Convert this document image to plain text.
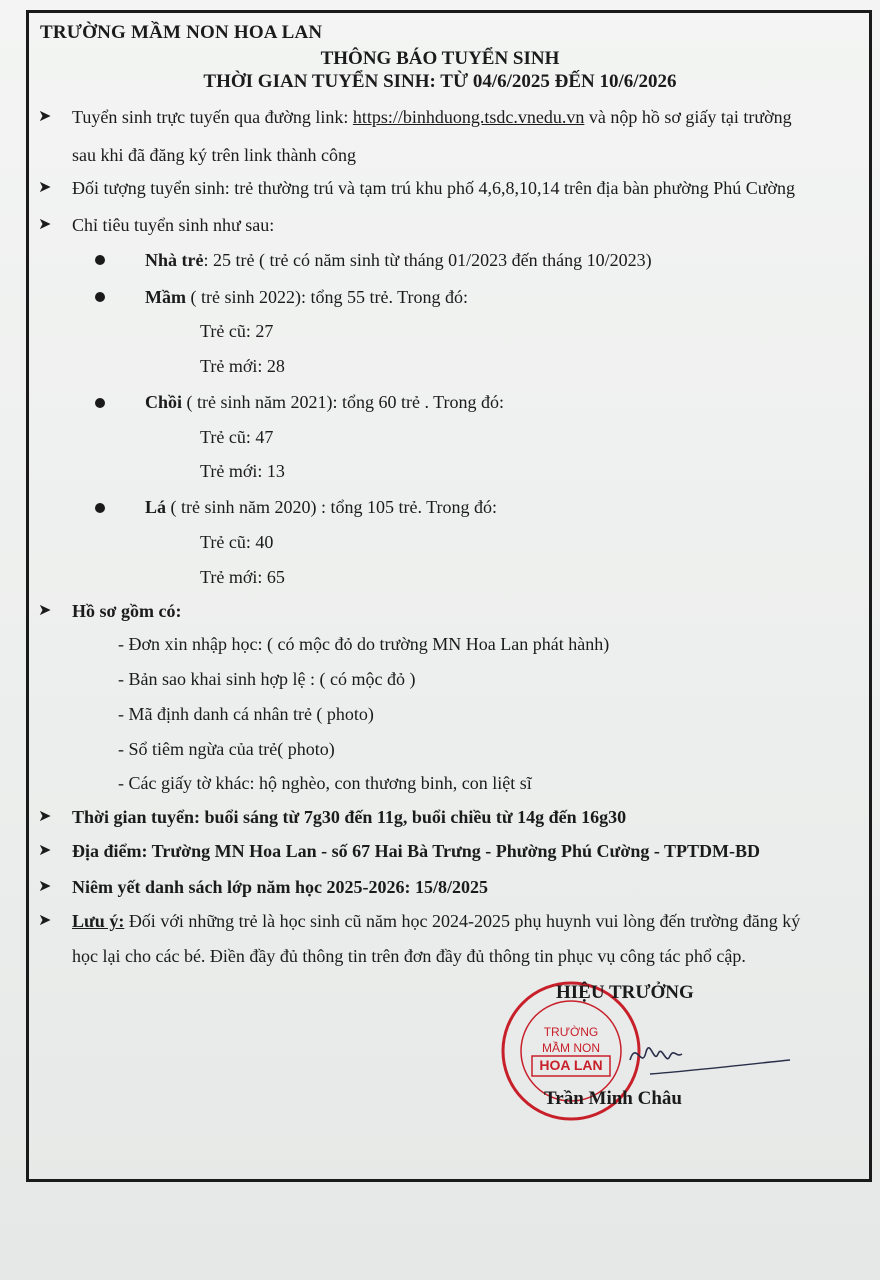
TRƯỜNG MẦM NON HOA LAN
THÔNG BÁO TUYỂN SINH
THỜI GIAN TUYỂN SINH: TỪ 04/6/2025 ĐẾN 10/6/2026
➤ Tuyển sinh trực tuyến qua đường link: https://binhduong.tsdc.vnedu.vn và nộp hồ sơ giấy tại trường
sau khi đã đăng ký trên link thành công
➤ Đối tượng tuyển sinh: trẻ thường trú và tạm trú khu phố 4,6,8,10,14 trên địa bàn phường Phú Cường
➤ Chỉ tiêu tuyển sinh như sau:
Nhà trẻ: 25 trẻ ( trẻ có năm sinh từ tháng 01/2023 đến tháng 10/2023)
Mầm ( trẻ sinh 2022): tổng 55 trẻ. Trong đó:
Trẻ cũ: 27
Trẻ mới: 28
Chồi ( trẻ sinh năm 2021): tổng 60 trẻ . Trong đó:
Trẻ cũ: 47
Trẻ mới: 13
Lá ( trẻ sinh năm 2020) : tổng 105 trẻ. Trong đó:
Trẻ cũ: 40
Trẻ mới: 65
➤ Hồ sơ gồm có:
- Đơn xin nhập học: ( có mộc đỏ do trường MN Hoa Lan phát hành)
- Bản sao khai sinh hợp lệ : ( có mộc đỏ )
- Mã định danh cá nhân trẻ ( photo)
- Sổ tiêm ngừa của trẻ( photo)
- Các giấy tờ khác: hộ nghèo, con thương binh, con liệt sĩ
➤ Thời gian tuyển: buổi sáng từ 7g30 đến 11g, buổi chiều từ 14g đến 16g30
➤ Địa điểm: Trường MN Hoa Lan - số 67 Hai Bà Trưng - Phường Phú Cường - TPTDM-BD
➤ Niêm yết danh sách lớp năm học 2025-2026: 15/8/2025
➤ Lưu ý: Đối với những trẻ là học sinh cũ năm học 2024-2025 phụ huynh vui lòng đến trường đăng ký
học lại cho các bé. Điền đầy đủ thông tin trên đơn đầy đủ thông tin phục vụ công tác phổ cập.
TRƯỜNG
MẦM NON
HOA LAN
HIỆU TRƯỞNG
Trần Minh Châu
